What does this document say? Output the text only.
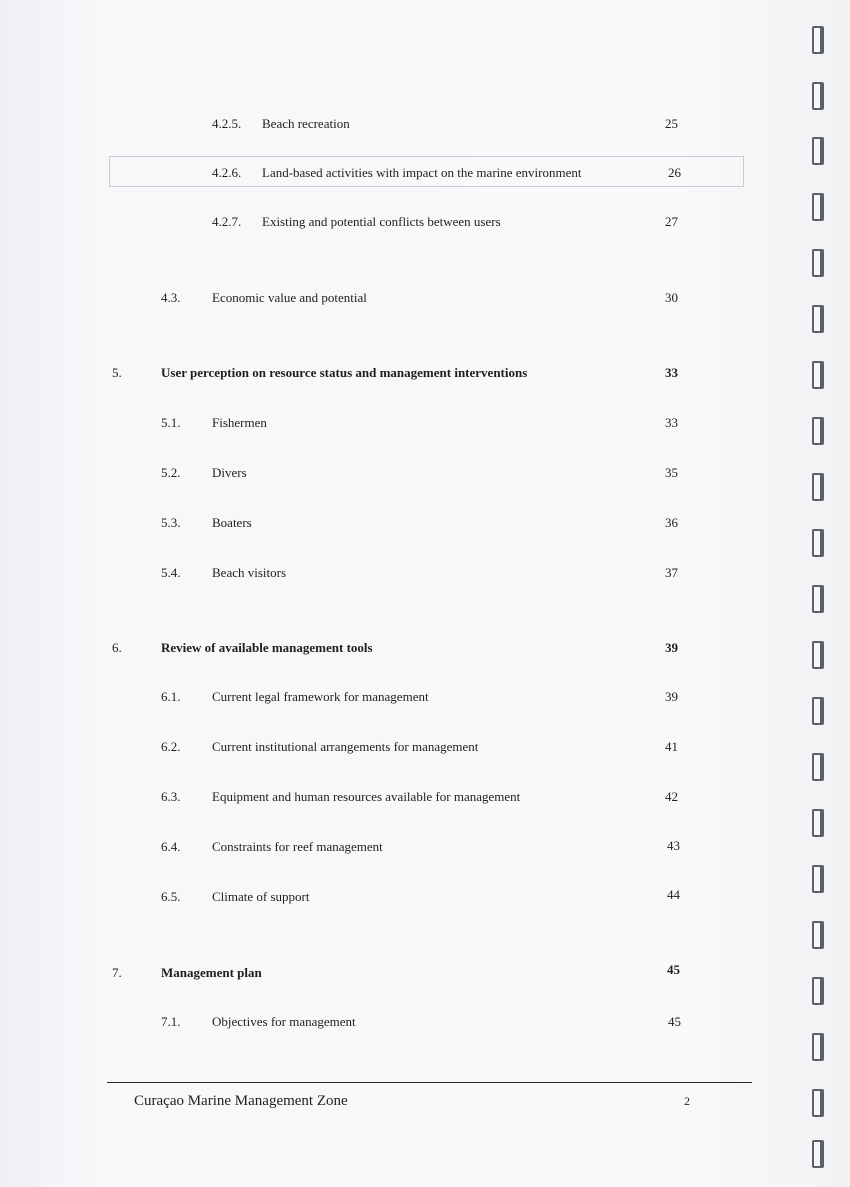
4.2.5. Beach recreation	25
4.2.6. Land-based activities with impact on the marine environment	26
4.2.7. Existing and potential conflicts between users	27
4.3. Economic value and potential	30
5.	User perception on resource status and management interventions	33
5.1. Fishermen	33
5.2. Divers	35
5.3. Boaters	36
5.4. Beach visitors	37
6.	Review of available management tools	39
6.1. Current legal framework for management	39
6.2. Current institutional arrangements for management	41
6.3. Equipment and human resources available for management	42
6.4. Constraints for reef management	43
6.5. Climate of support	44
7.	Management plan	45
7.1. Objectives for management	45
Curaçao Marine Management Zone	2
